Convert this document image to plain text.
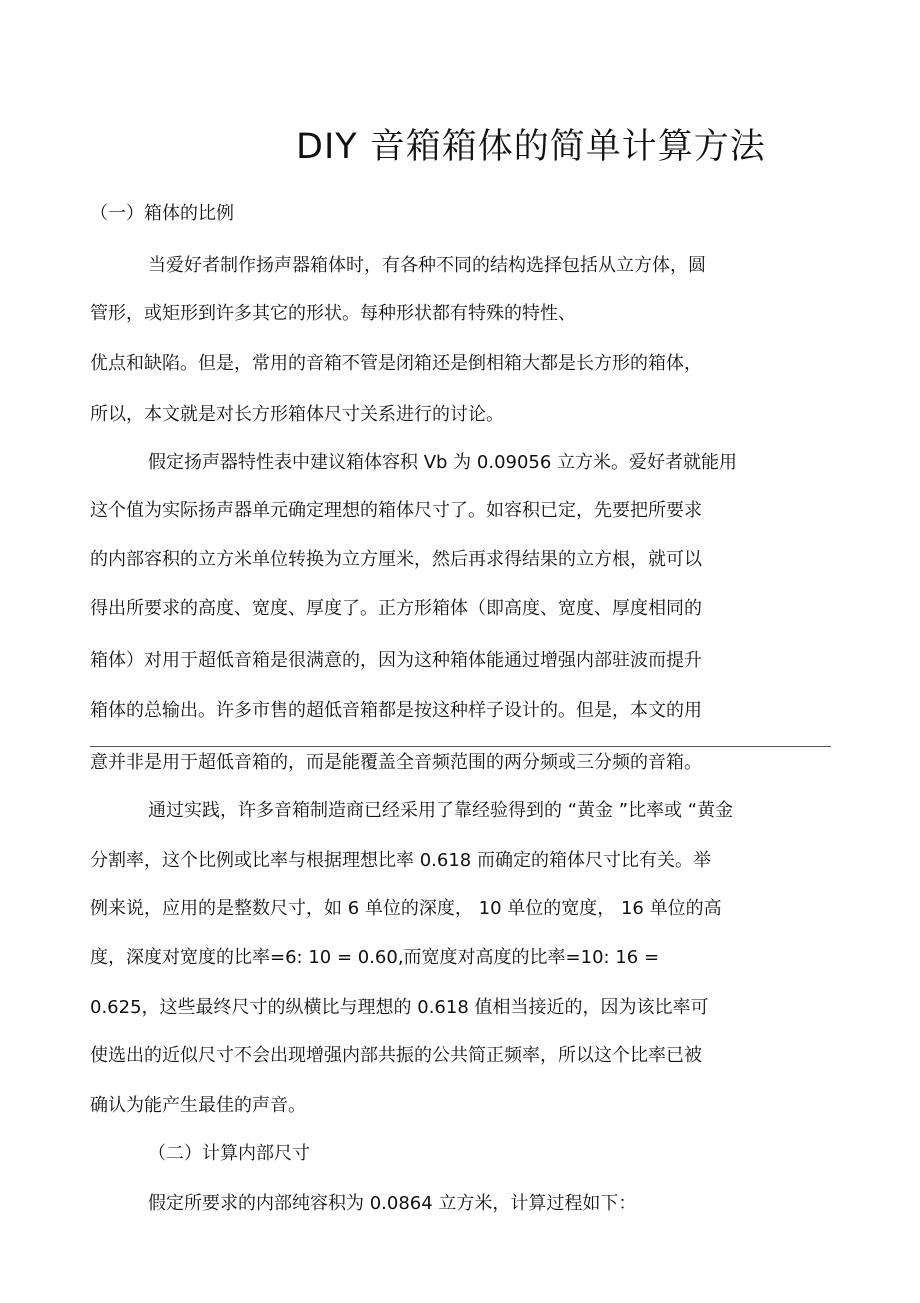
DIY 音箱箱体的简单计算方法

（一）箱体的比例

当爱好者制作扬声器箱体时，有各种不同的结构选择包括从立方体，圆

管形，或矩形到许多其它的形状。每种形状都有特殊的特性、

优点和缺陷。但是，常用的音箱不管是闭箱还是倒相箱大都是长方形的箱体，

所以，本文就是对长方形箱体尺寸关系进行的讨论。

假定扬声器特性表中建议箱体容积 Vb 为 0.09056 立方米。爱好者就能用

这个值为实际扬声器单元确定理想的箱体尺寸了。如容积已定，先要把所要求

的内部容积的立方米单位转换为立方厘米，然后再求得结果的立方根，就可以

得出所要求的高度、宽度、厚度了。正方形箱体（即高度、宽度、厚度相同的

箱体）对用于超低音箱是很满意的，因为这种箱体能通过增强内部驻波而提升

箱体的总输出。许多市售的超低音箱都是按这种样子设计的。但是，本文的用

意并非是用于超低音箱的，而是能覆盖全音频范围的两分频或三分频的音箱。

通过实践，许多音箱制造商已经采用了靠经验得到的 “黄金 ”比率或 “黄金

分割率，这个比例或比率与根据理想比率 0.618 而确定的箱体尺寸比有关。举

例来说，应用的是整数尺寸，如 6 单位的深度， 10 单位的宽度， 16 单位的高

度，深度对宽度的比率=6: 10 = 0.60,而宽度对高度的比率=10: 16 =

0.625，这些最终尺寸的纵横比与理想的 0.618 值相当接近的，因为该比率可

使选出的近似尺寸不会出现增强内部共振的公共简正频率，所以这个比率已被

确认为能产生最佳的声音。

（二）计算内部尺寸

假定所要求的内部纯容积为 0.0864 立方米，计算过程如下：
